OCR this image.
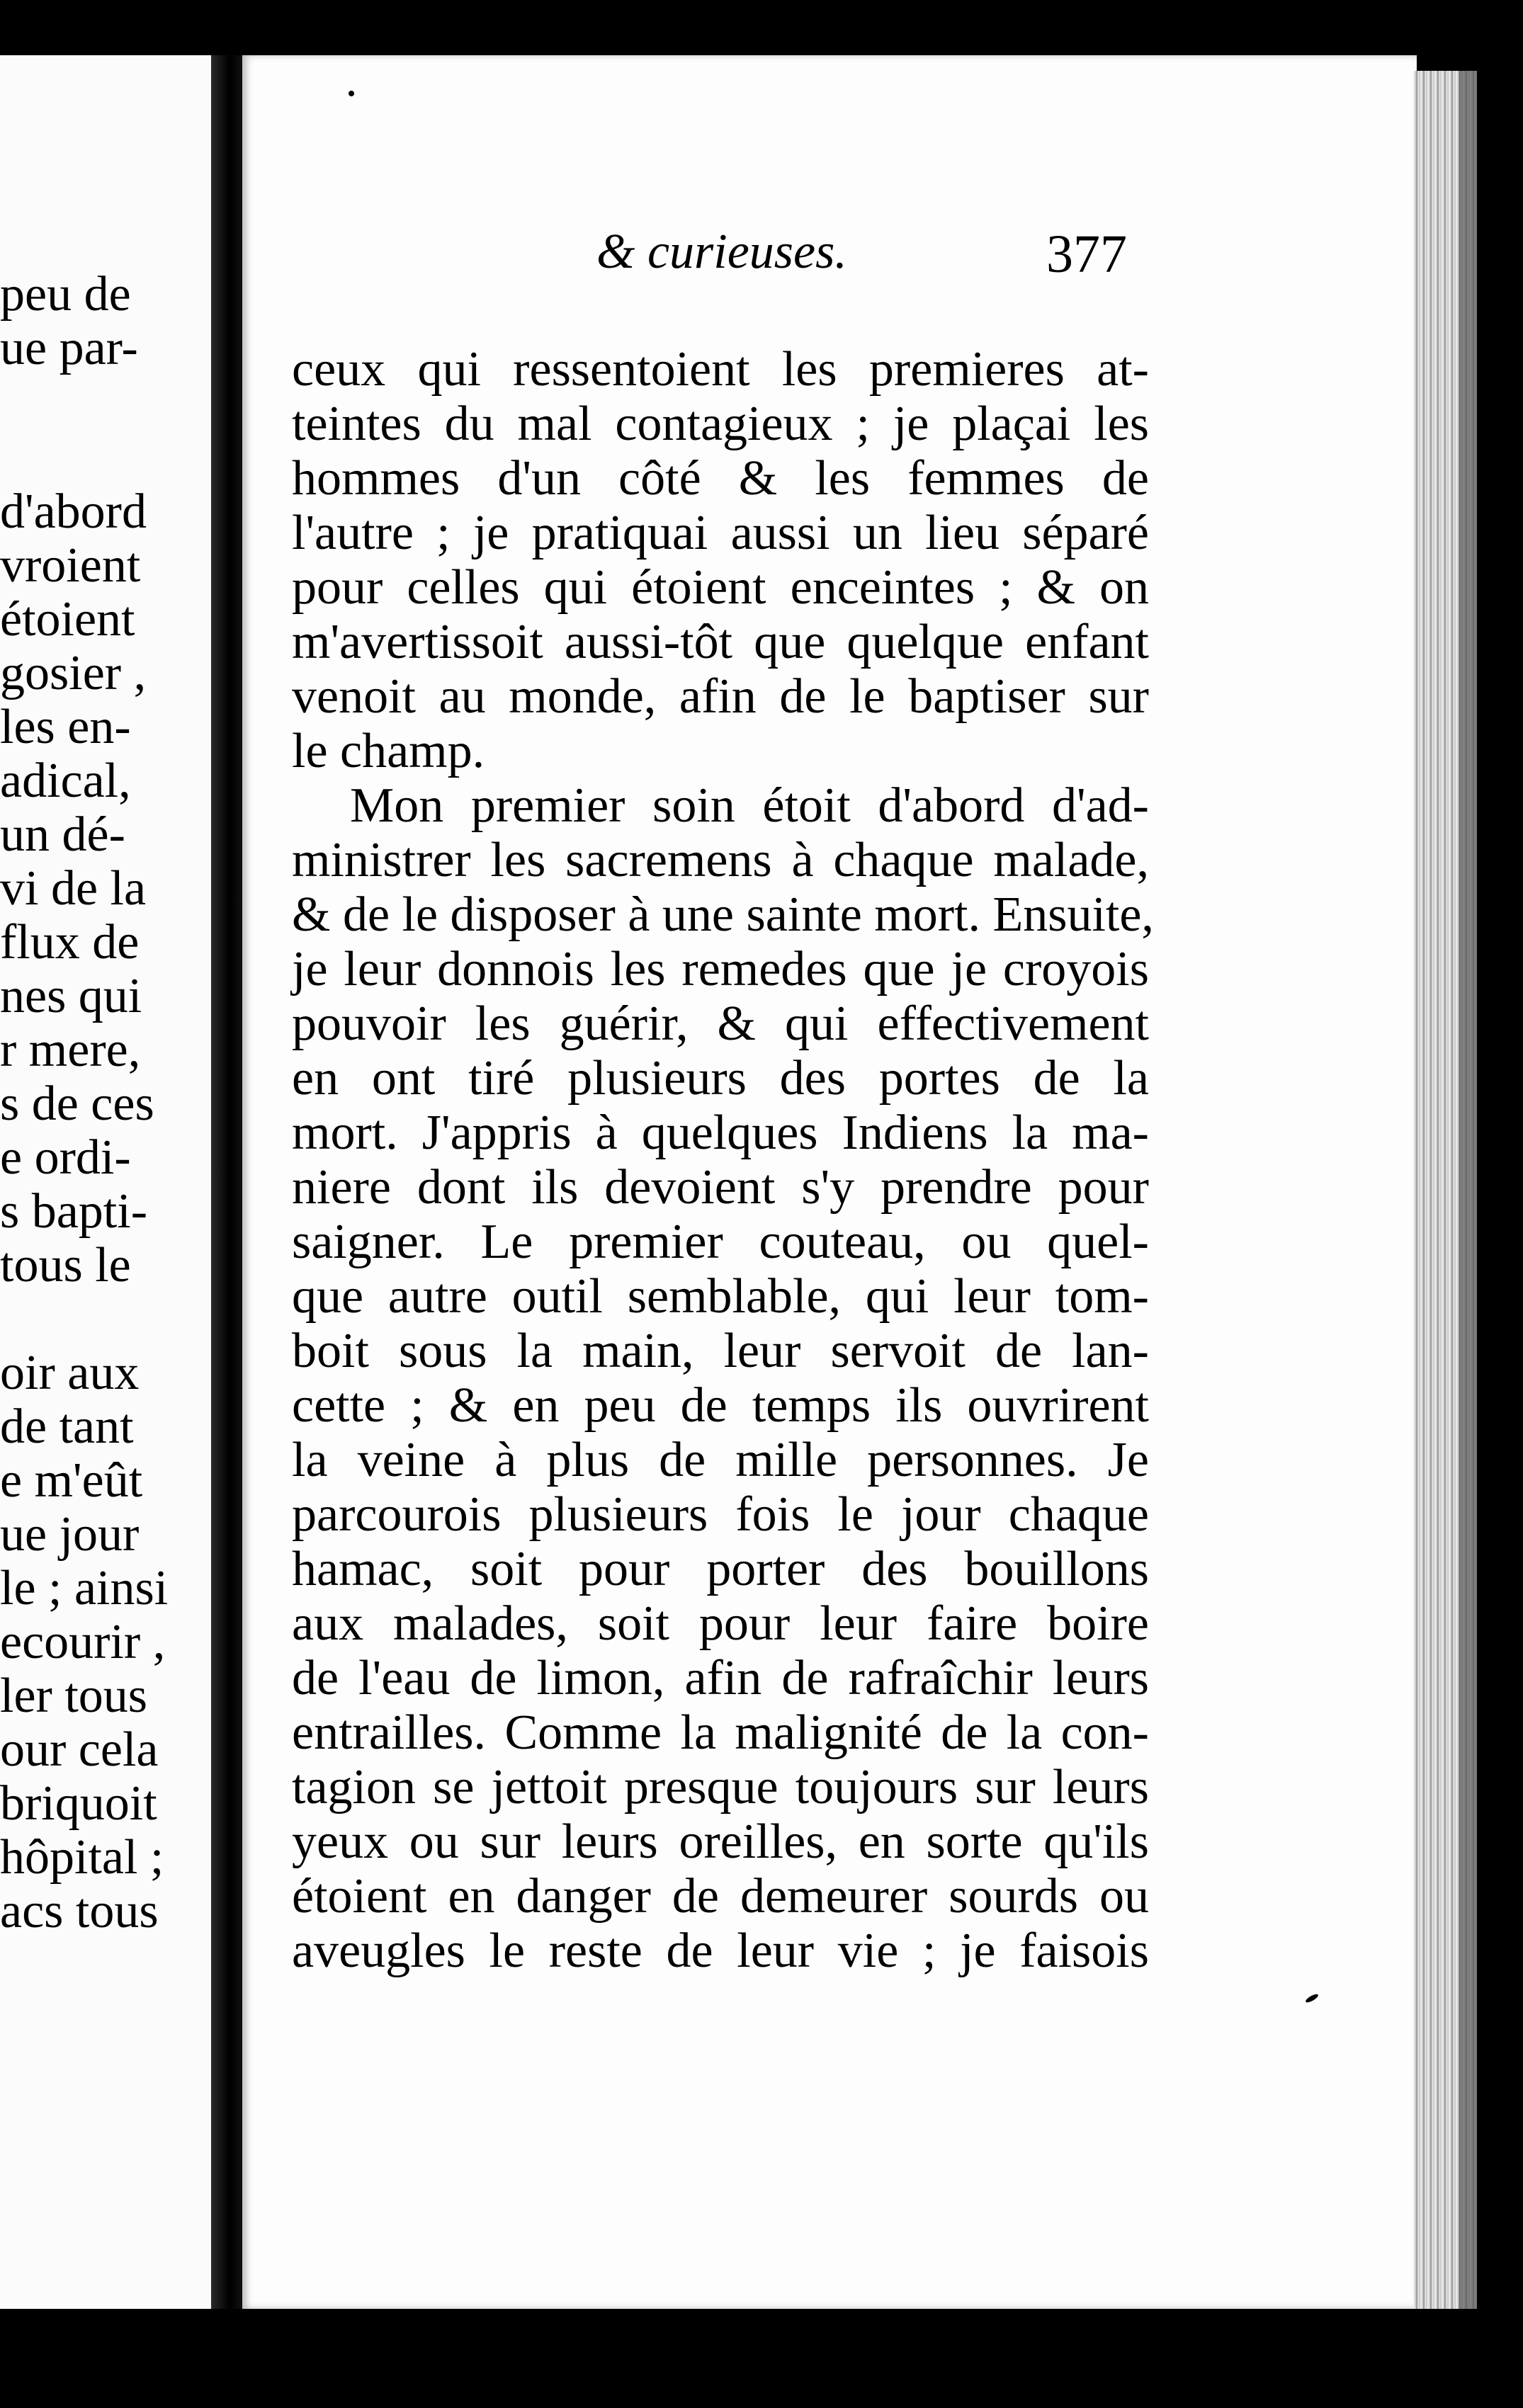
peu de
ue par-
d'abord
vroient
étoient
gosier ,
les en-
adical,
un dé-
vi de la
flux de
nes qui
r mere,
s de ces
e ordi-
s bapti-
tous le
oir aux
de tant
e m'eût
ue jour
le ; ainsi
ecourir ,
ler tous
our cela
briquoit
hôpital ;
acs tous
& curieuses.	377
ceux qui ressentoient les premieres at-
teintes du mal contagieux ; je plaçai les
hommes d'un côté & les femmes de
l'autre ; je pratiquai aussi un lieu séparé
pour celles qui étoient enceintes ; & on
m'avertissoit aussi-tôt que quelque enfant
venoit au monde, afin de le baptiser sur
le champ.
Mon premier soin étoit d'abord d'ad-
ministrer les sacremens à chaque malade,
& de le disposer à une sainte mort. Ensuite,
je leur donnois les remedes que je croyois
pouvoir les guérir, & qui effectivement
en ont tiré plusieurs des portes de la
mort. J'appris à quelques Indiens la ma-
niere dont ils devoient s'y prendre pour
saigner. Le premier couteau, ou quel-
que autre outil semblable, qui leur tom-
boit sous la main, leur servoit de lan-
cette ; & en peu de temps ils ouvrirent
la veine à plus de mille personnes. Je
parcourois plusieurs fois le jour chaque
hamac, soit pour porter des bouillons
aux malades, soit pour leur faire boire
de l'eau de limon, afin de rafraîchir leurs
entrailles. Comme la malignité de la con-
tagion se jettoit presque toujours sur leurs
yeux ou sur leurs oreilles, en sorte qu'ils
étoient en danger de demeurer sourds ou
aveugles le reste de leur vie ; je faisois
